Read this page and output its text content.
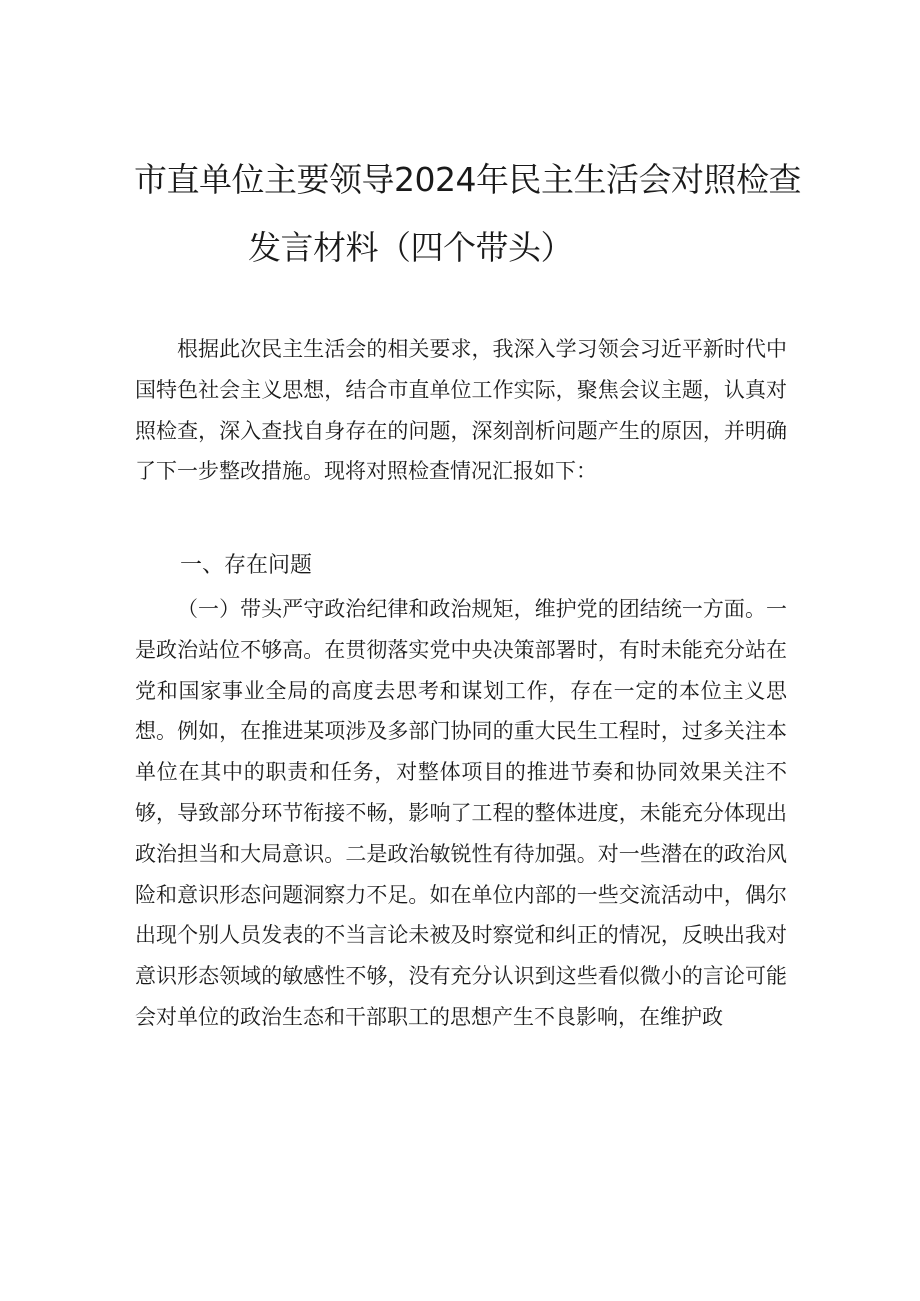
市直单位主要领导2024年民主生活会对照检查
发言材料（四个带头）

根据此次民主生活会的相关要求，我深入学习领会习近平新时代中国特色社会主义思想，结合市直单位工作实际，聚焦会议主题，认真对照检查，深入查找自身存在的问题，深刻剖析问题产生的原因，并明确了下一步整改措施。现将对照检查情况汇报如下：

一、存在问题

（一）带头严守政治纪律和政治规矩，维护党的团结统一方面。一是政治站位不够高。在贯彻落实党中央决策部署时，有时未能充分站在党和国家事业全局的高度去思考和谋划工作，存在一定的本位主义思想。例如，在推进某项涉及多部门协同的重大民生工程时，过多关注本单位在其中的职责和任务，对整体项目的推进节奏和协同效果关注不够，导致部分环节衔接不畅，影响了工程的整体进度，未能充分体现出政治担当和大局意识。二是政治敏锐性有待加强。对一些潜在的政治风险和意识形态问题洞察力不足。如在单位内部的一些交流活动中，偶尔出现个别人员发表的不当言论未被及时察觉和纠正的情况，反映出我对意识形态领域的敏感性不够，没有充分认识到这些看似微小的言论可能会对单位的政治生态和干部职工的思想产生不良影响，在维护政
